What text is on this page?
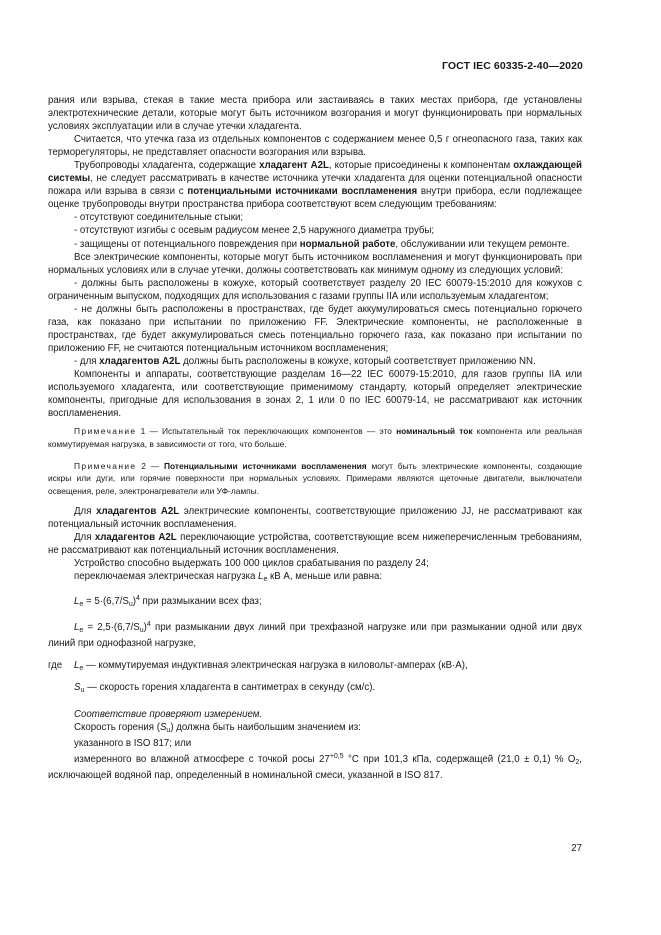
ГОСТ IEC 60335-2-40—2020

рания или взрыва, стекая в такие места прибора или застаиваясь в таких местах прибора, где установлены электротехнические детали, которые могут быть источником возгорания и могут функционировать при нормальных условиях эксплуатации или в случае утечки хладагента.

Считается, что утечка газа из отдельных компонентов с содержанием менее 0,5 г огнеопасного газа, таких как терморегуляторы, не представляет опасности возгорания или взрыва.

Трубопроводы хладагента, содержащие хладагент A2L, которые присоединены к компонентам охлаждающей системы, не следует рассматривать в качестве источника утечки хладагента для оценки потенциальной опасности пожара или взрыва в связи с потенциальными источниками воспламенения внутри прибора, если подлежащее оценке трубопроводы внутри пространства прибора соответствуют всем следующим требованиям:

- отсутствуют соединительные стыки;

- отсутствуют изгибы с осевым радиусом менее 2,5 наружного диаметра трубы;

- защищены от потенциального повреждения при нормальной работе, обслуживании или текущем ремонте.

Все электрические компоненты, которые могут быть источником воспламенения и могут функционировать при нормальных условиях или в случае утечки, должны соответствовать как минимум одному из следующих условий:

- должны быть расположены в кожухе, который соответствует разделу 20 IEC 60079-15:2010 для кожухов с ограниченным выпуском, подходящих для использования с газами группы IIA или используемым хладагентом;

- не должны быть расположены в пространствах, где будет аккумулироваться смесь потенциально горючего газа, как показано при испытании по приложению FF. Электрические компоненты, не расположенные в пространствах, где будет аккумулироваться смесь потенциально горючего газа, как показано при испытании по приложению FF, не считаются потенциальным источником воспламенения;

- для хладагентов A2L должны быть расположены в кожухе, который соответствует приложению NN.

Компоненты и аппараты, соответствующие разделам 16—22 IEC 60079-15:2010, для газов группы IIA или используемого хладагента, или соответствующие применимому стандарту, который определяет электрические компоненты, пригодные для использования в зонах 2, 1 или 0 по IEC 60079-14, не рассматривают как источник воспламенения.

Примечание 1 — Испытательный ток переключающих компонентов — это номинальный ток компонента или реальная коммутируемая нагрузка, в зависимости от того, что больше.

Примечание 2 — Потенциальными источниками воспламенения могут быть электрические компоненты, создающие искры или дуги, или горячие поверхности при нормальных условиях. Примерами являются щеточные двигатели, выключатели освещения, реле, электронагреватели или УФ-лампы.

Для хладагентов A2L электрические компоненты, соответствующие приложению JJ, не рассматривают как потенциальный источник воспламенения.

Для хладагентов A2L переключающие устройства, соответствующие всем нижеперечисленным требованиям, не рассматривают как потенциальный источник воспламенения.

Устройство способно выдержать 100 000 циклов срабатывания по разделу 24;

переключаемая электрическая нагрузка $L_e$ кВ А, меньше или равна:

$L_e = 5\cdot(6,7/S_u)^4$ при размыкании всех фаз;

$L_e = 2,5\cdot(6,7/S_u)^4$ при размыкании двух линий при трехфазной нагрузке или при размыкании одной или двух линий при однофазной нагрузке,

где	$L_e$ — коммутируемая индуктивная электрическая нагрузка в киловольт-амперах (кВ·А),
$S_u$ — скорость горения хладагента в сантиметрах в секунду (см/с).

Соответствие проверяют измерением.

Скорость горения $(S_u)$ должна быть наибольшим значением из:

указанного в ISO 817; или

измеренного во влажной атмосфере с точкой росы $27^{+0,5}$ °C при 101,3 кПа, содержащей (21,0 ± 0,1) % $O_2$, исключающей водяной пар, определенный в номинальной смеси, указанной в ISO 817.

27
